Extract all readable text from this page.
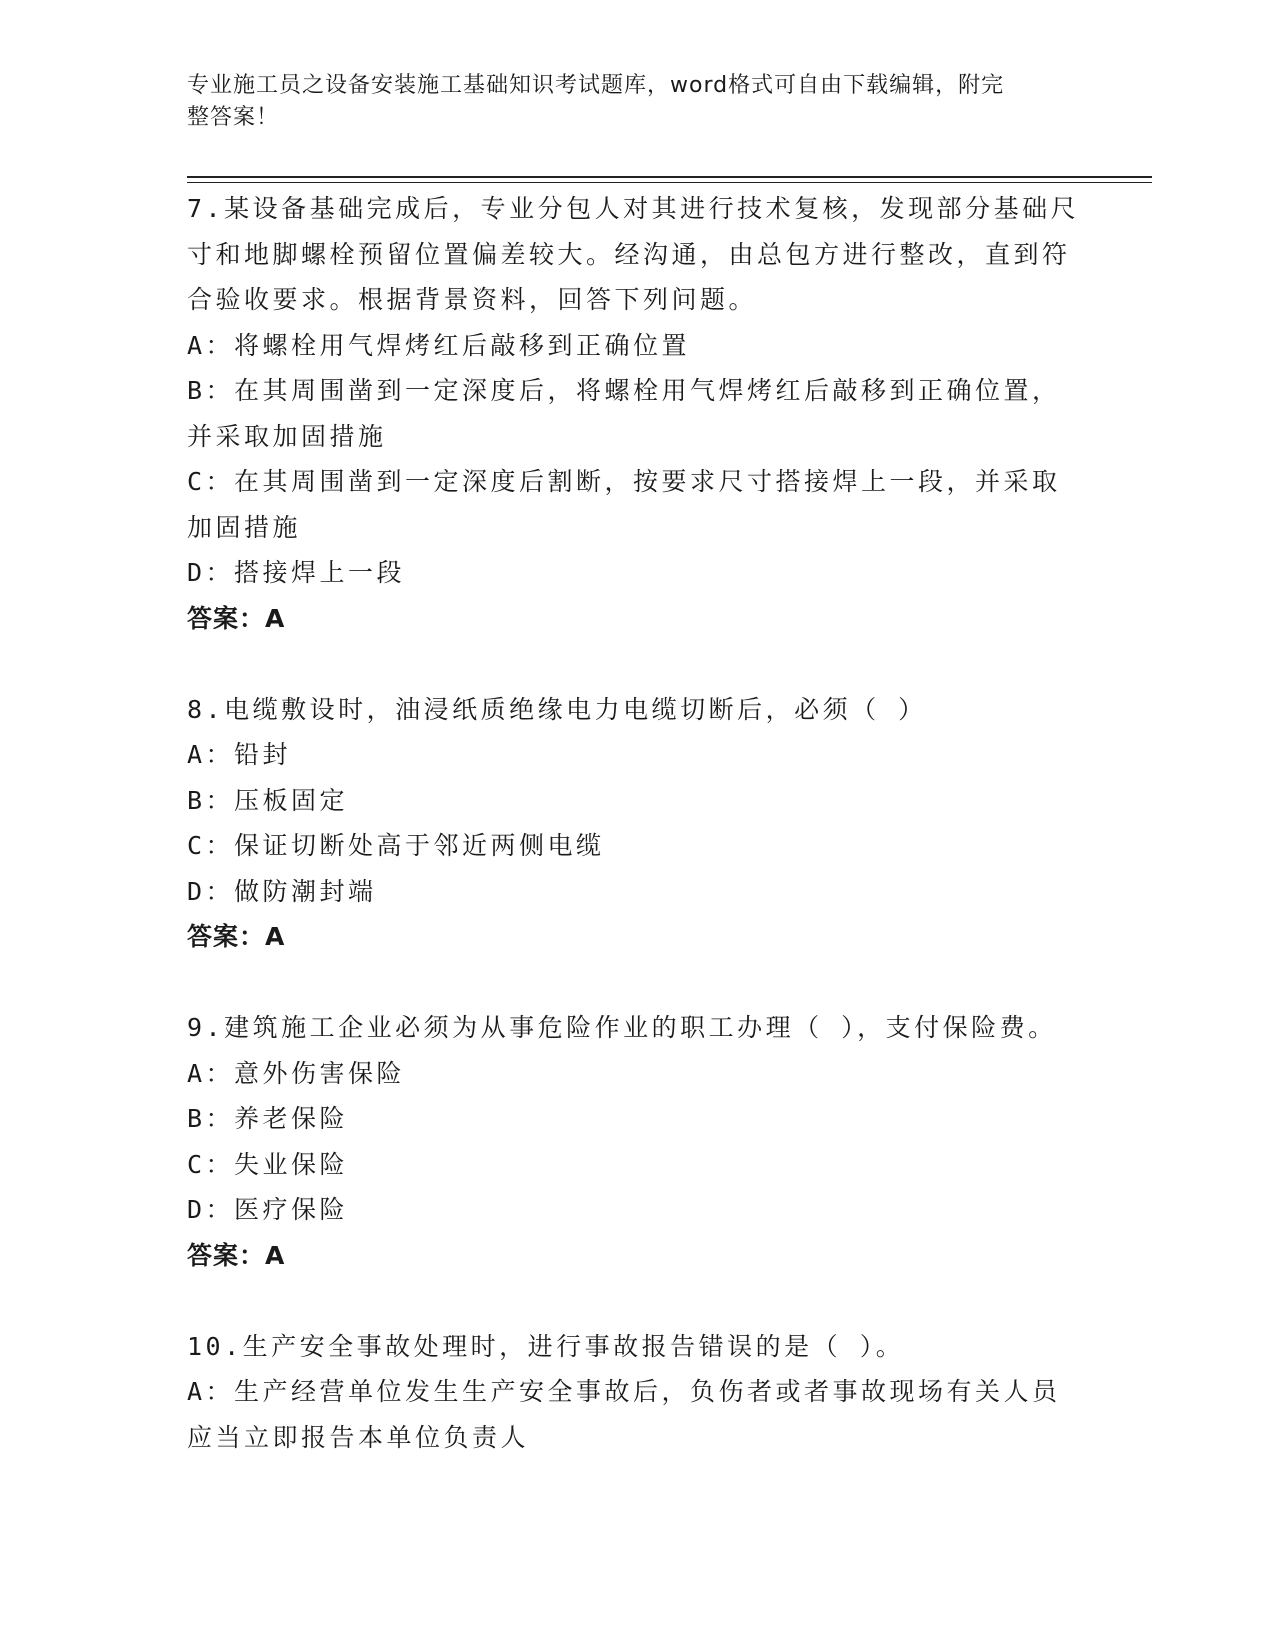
专业施工员之设备安装施工基础知识考试题库，word格式可自由下载编辑，附完
整答案！
7.某设备基础完成后，专业分包人对其进行技术复核，发现部分基础尺寸和地脚螺栓预留位置偏差较大。经沟通，由总包方进行整改，直到符合验收要求。根据背景资料，回答下列问题。
A：将螺栓用气焊烤红后敲移到正确位置
B：在其周围凿到一定深度后，将螺栓用气焊烤红后敲移到正确位置，并采取加固措施
C：在其周围凿到一定深度后割断，按要求尺寸搭接焊上一段，并采取加固措施
D：搭接焊上一段
答案：A
8.电缆敷设时，油浸纸质绝缘电力电缆切断后，必须（ ）
A：铅封
B：压板固定
C：保证切断处高于邻近两侧电缆
D：做防潮封端
答案：A
9.建筑施工企业必须为从事危险作业的职工办理（ ），支付保险费。
A：意外伤害保险
B：养老保险
C：失业保险
D：医疗保险
答案：A
10.生产安全事故处理时，进行事故报告错误的是（ ）。
A：生产经营单位发生生产安全事故后，负伤者或者事故现场有关人员应当立即报告本单位负责人
